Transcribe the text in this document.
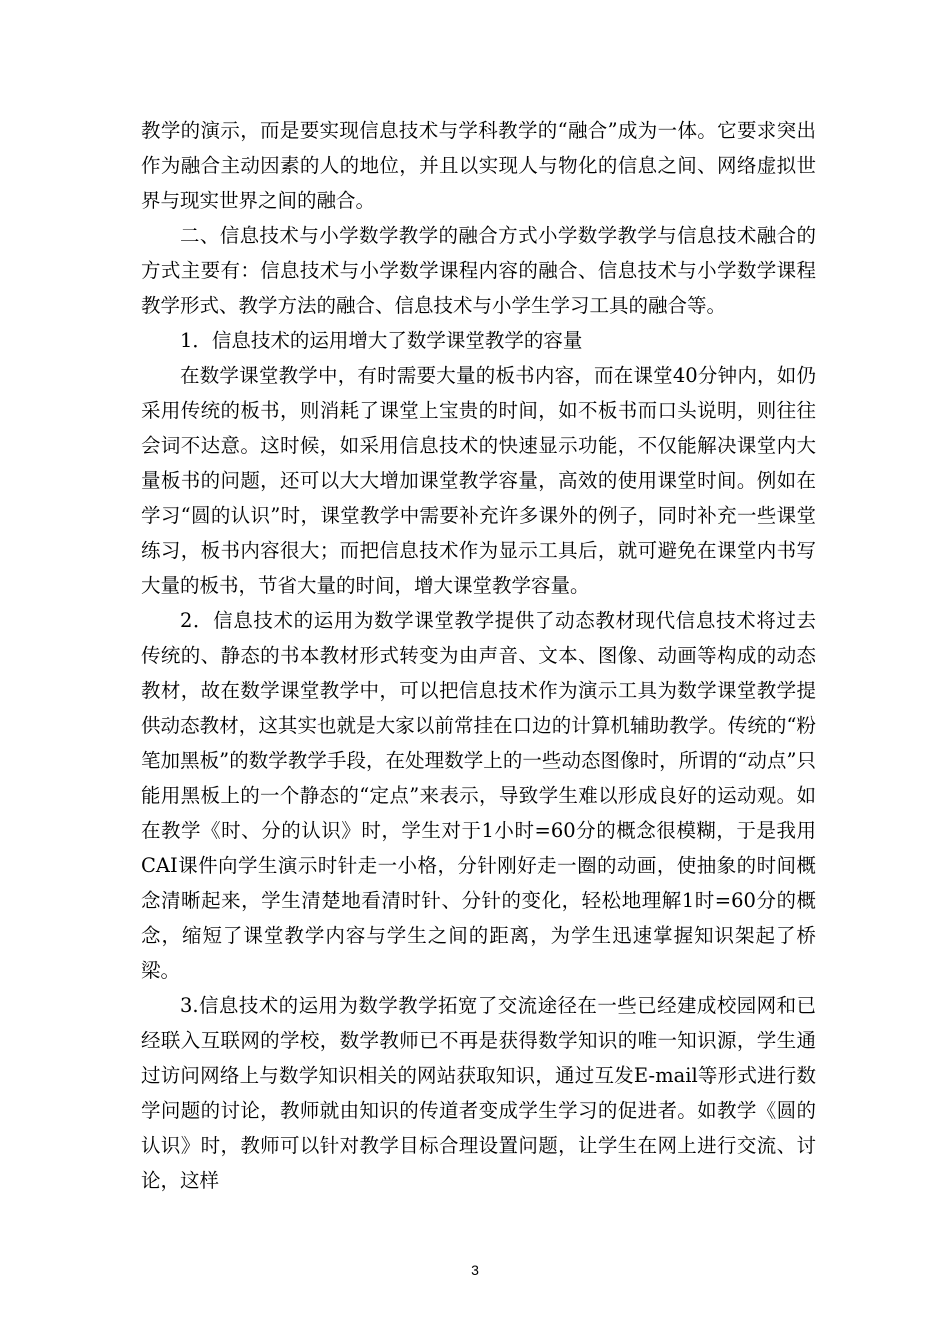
教学的演示，而是要实现信息技术与学科教学的“融合”成为一体。它要求突出作为融合主动因素的人的地位，并且以实现人与物化的信息之间、网络虚拟世界与现实世界之间的融合。

二、信息技术与小学数学教学的融合方式小学数学教学与信息技术融合的方式主要有：信息技术与小学数学课程内容的融合、信息技术与小学数学课程教学形式、教学方法的融合、信息技术与小学生学习工具的融合等。

1．信息技术的运用增大了数学课堂教学的容量

在数学课堂教学中，有时需要大量的板书内容，而在课堂40分钟内，如仍采用传统的板书，则消耗了课堂上宝贵的时间，如不板书而口头说明，则往往会词不达意。这时候，如采用信息技术的快速显示功能，不仅能解决课堂内大量板书的问题，还可以大大增加课堂教学容量，高效的使用课堂时间。例如在学习“圆的认识”时，课堂教学中需要补充许多课外的例子，同时补充一些课堂练习，板书内容很大；而把信息技术作为显示工具后，就可避免在课堂内书写大量的板书，节省大量的时间，增大课堂教学容量。

2．信息技术的运用为数学课堂教学提供了动态教材现代信息技术将过去传统的、静态的书本教材形式转变为由声音、文本、图像、动画等构成的动态教材，故在数学课堂教学中，可以把信息技术作为演示工具为数学课堂教学提供动态教材，这其实也就是大家以前常挂在口边的计算机辅助教学。传统的“粉笔加黑板”的数学教学手段，在处理数学上的一些动态图像时，所谓的“动点”只能用黑板上的一个静态的“定点”来表示，导致学生难以形成良好的运动观。如在教学《时、分的认识》时，学生对于1小时=60分的概念很模糊，于是我用CAI课件向学生演示时针走一小格，分针刚好走一圈的动画，使抽象的时间概念清晰起来，学生清楚地看清时针、分针的变化，轻松地理解1时=60分的概念，缩短了课堂教学内容与学生之间的距离，为学生迅速掌握知识架起了桥梁。

3.信息技术的运用为数学教学拓宽了交流途径在一些已经建成校园网和已经联入互联网的学校，数学教师已不再是获得数学知识的唯一知识源，学生通过访问网络上与数学知识相关的网站获取知识，通过互发E-mail等形式进行数学问题的讨论，教师就由知识的传道者变成学生学习的促进者。如教学《圆的认识》时，教师可以针对教学目标合理设置问题，让学生在网上进行交流、讨论，这样

3
